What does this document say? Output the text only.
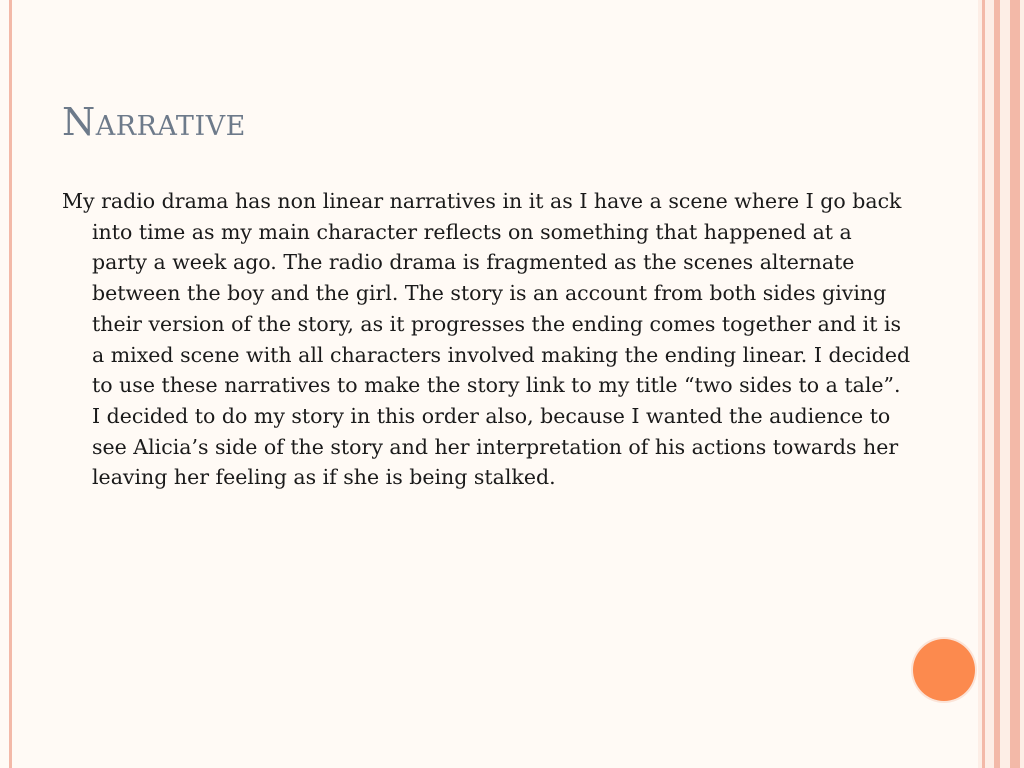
Narrative

My radio drama has non linear narratives in it as I have a scene where I go back into time as my main character reflects on something that happened at a party a week ago. The radio drama is fragmented as the scenes alternate between the boy and the girl. The story is an account from both sides giving their version of the story, as it progresses the ending comes together and it is a mixed scene with all characters involved making the ending linear. I decided to use these narratives to make the story link to my title “two sides to a tale”. I decided to do my story in this order also, because I wanted the audience to see Alicia’s side of the story and her interpretation of his actions towards her leaving her feeling as if she is being stalked.
